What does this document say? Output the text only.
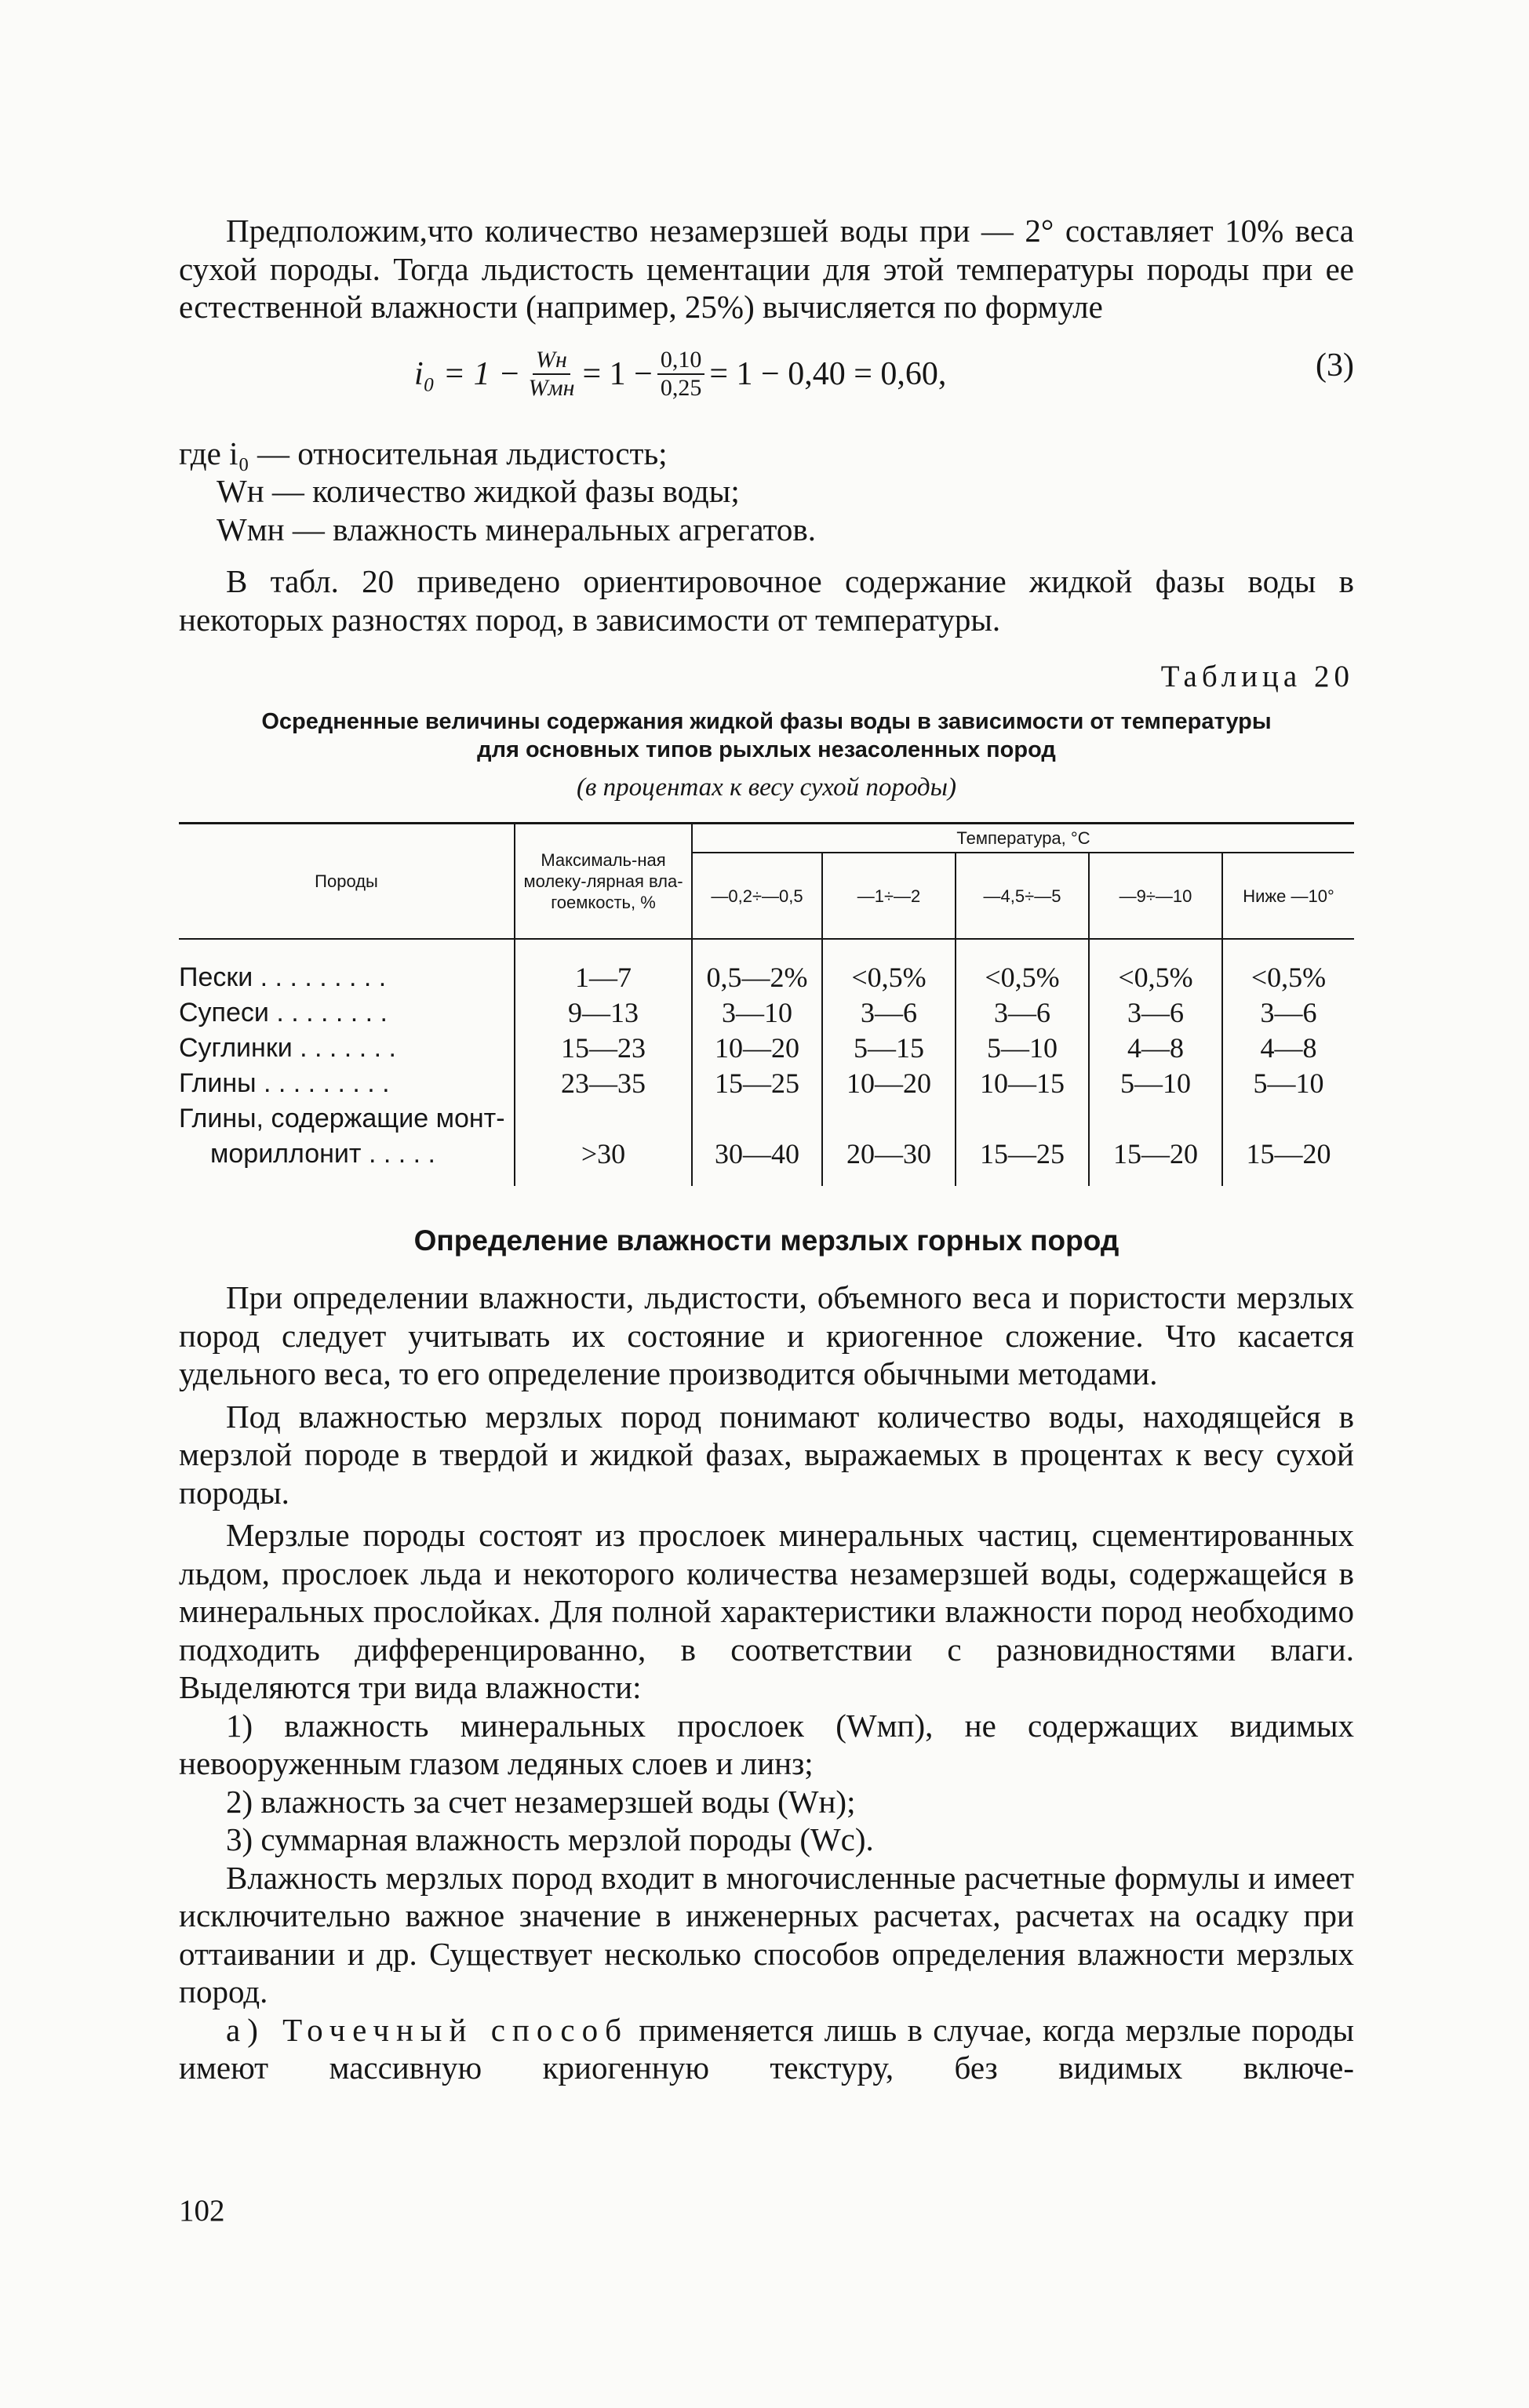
Предположим,что количество незамерзшей воды при — 2° составляет 10% веса сухой породы. Тогда льдистость цементации для этой температуры породы при ее естественной влажности (например, 25%) вычисляется по формуле

$i_0 = 1 - \frac{Wн}{\text{Wмн}} = 1 - \frac{0,10}{0,25} = 1 - 0,40 = 0,60$,	(3)
где i₀ — относительная льдистость;
Wн — количество жидкой фазы воды;
Wмн — влажность минеральных агрегатов.

В табл. 20 приведено ориентировочное содержание жидкой фазы воды в некоторых разностях пород, в зависимости от температуры.

Таблица 20
Осредненные величины содержания жидкой фазы воды в зависимости от температуры
для основных типов рыхлых незасоленных пород
(в процентах к весу сухой породы)
Породы	Максималь-ная молеку-лярная вла-гоемкость, %	Температура, °С				
		—0,2÷—0,5	—1÷—2	—4,5÷—5	—9÷—10	Ниже —10°
Пески . . . . . . . . .	1—7	0,5—2%	<0,5%	<0,5%	<0,5%	<0,5%
Супеси . . . . . . . .	9—13	3—10	3—6	3—6	3—6	3—6
Суглинки . . . . . . .	15—23	10—20	5—15	5—10	4—8	4—8
Глины . . . . . . . . .	23—35	15—25	10—20	10—15	5—10	5—10

Глины, содержащие монт-
мориллонит . . . . .	>30	30—40	20—30	15—25	15—20	15—20
Определение влажности мерзлых горных пород

При определении влажности, льдистости, объемного веса и пористости мерзлых пород следует учитывать их состояние и криогенное сложение. Что касается удельного веса, то его определение производится обычными методами.

Под влажностью мерзлых пород понимают количество воды, находящейся в мерзлой породе в твердой и жидкой фазах, выражаемых в процентах к весу сухой породы.

Мерзлые породы состоят из прослоек минеральных частиц, сцементированных льдом, прослоек льда и некоторого количества незамерзшей воды, содержащейся в минеральных прослойках. Для полной характеристики влажности пород необходимо подходить дифференцированно, в соответствии с разновидностями влаги. Выделяются три вида влажности:

1) влажность минеральных прослоек (Wмп), не содержащих видимых невооруженным глазом ледяных слоев и линз;

2) влажность за счет незамерзшей воды (Wн);

3) суммарная влажность мерзлой породы (Wс).

Влажность мерзлых пород входит в многочисленные расчетные формулы и имеет исключительно важное значение в инженерных расчетах, расчетах на осадку при оттаивании и др. Существует несколько способов определения влажности мерзлых пород.

а) Точечный способ применяется лишь в случае, когда мерзлые породы имеют массивную криогенную текстуру, без видимых включе-

102
